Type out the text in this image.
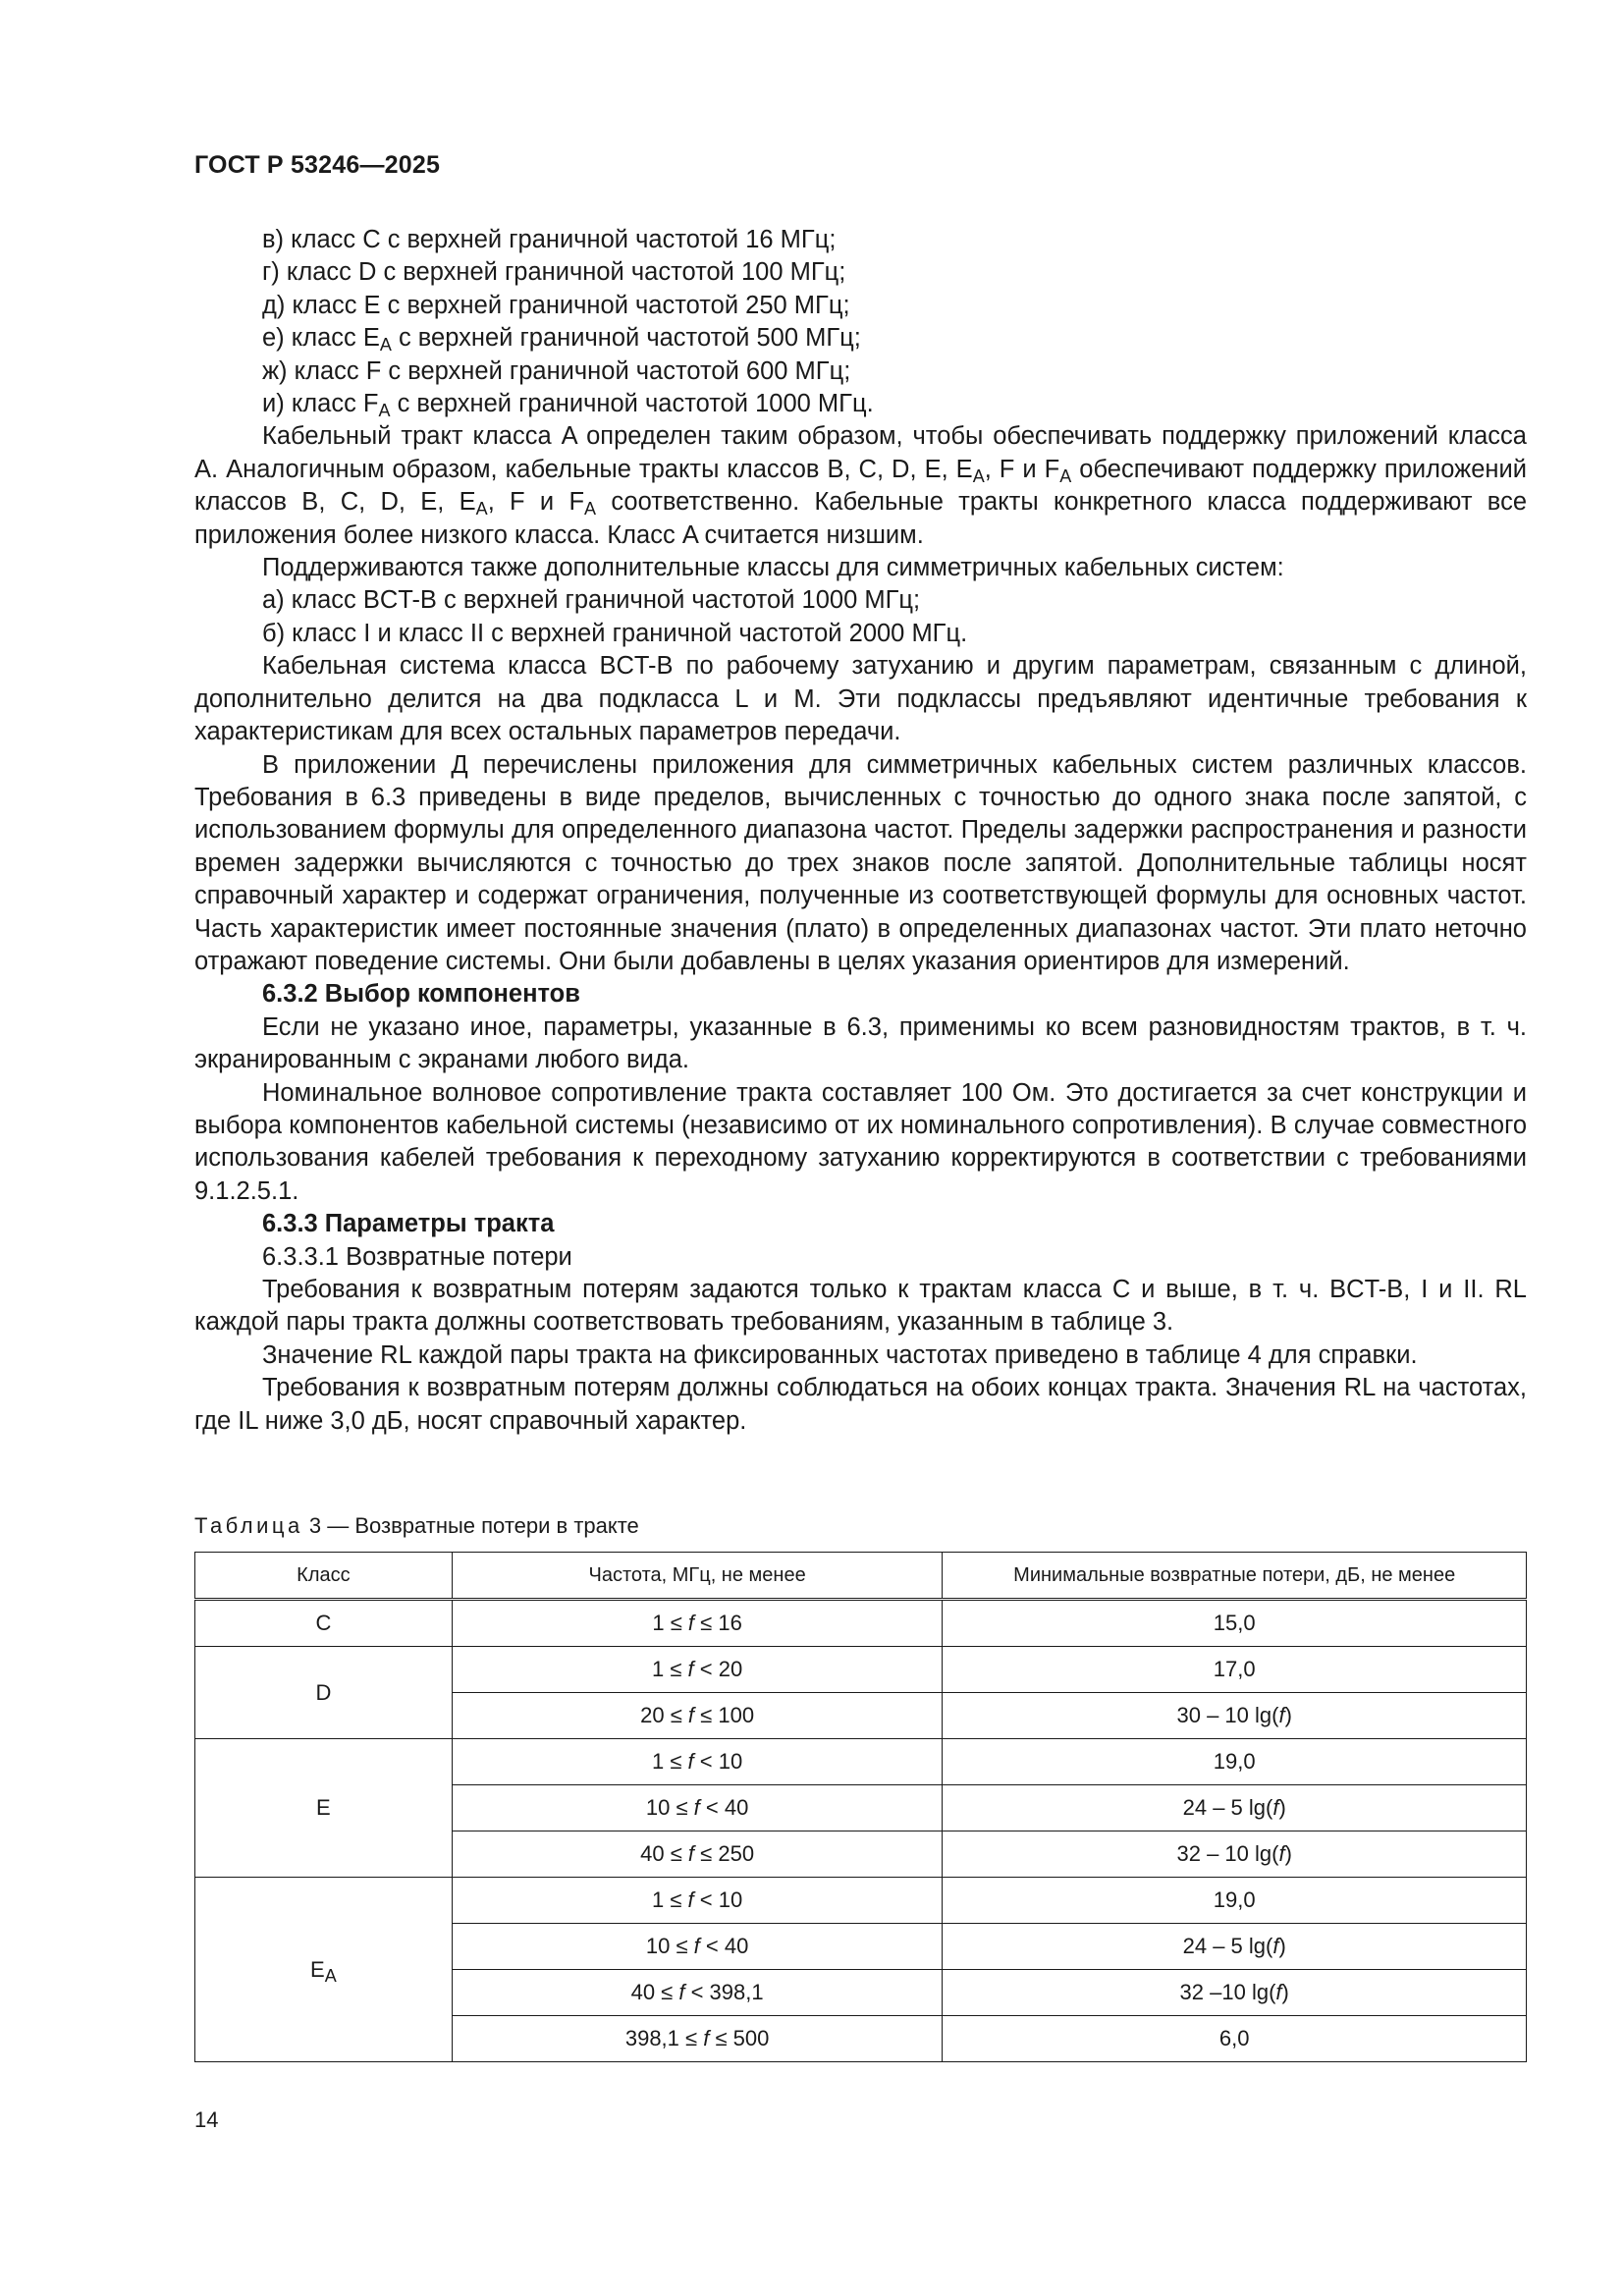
ГОСТ Р 53246—2025

в) класс C с верхней граничной частотой 16 МГц;

г) класс D с верхней граничной частотой 100 МГц;

д) класс E с верхней граничной частотой 250 МГц;

е) класс $E_A$ с верхней граничной частотой 500 МГц;

ж) класс F с верхней граничной частотой 600 МГц;

и) класс $F_A$ с верхней граничной частотой 1000 МГц.

Кабельный тракт класса A определен таким образом, чтобы обеспечивать поддержку приложений класса A. Аналогичным образом, кабельные тракты классов B, C, D, E, $E_A$, F и $F_A$ обеспечивают поддержку приложений классов B, C, D, E, $E_A$, F и $F_A$ соответственно. Кабельные тракты конкретного класса поддерживают все приложения более низкого класса. Класс A считается низшим.

Поддерживаются также дополнительные классы для симметричных кабельных систем:

а) класс BCT-B с верхней граничной частотой 1000 МГц;

б) класс I и класс II с верхней граничной частотой 2000 МГц.

Кабельная система класса BCT-B по рабочему затуханию и другим параметрам, связанным с длиной, дополнительно делится на два подкласса L и M. Эти подклассы предъявляют идентичные требования к характеристикам для всех остальных параметров передачи.

В приложении Д перечислены приложения для симметричных кабельных систем различных классов. Требования в 6.3 приведены в виде пределов, вычисленных с точностью до одного знака после запятой, с использованием формулы для определенного диапазона частот. Пределы задержки распространения и разности времен задержки вычисляются с точностью до трех знаков после запятой. Дополнительные таблицы носят справочный характер и содержат ограничения, полученные из соответствующей формулы для основных частот. Часть характеристик имеет постоянные значения (плато) в определенных диапазонах частот. Эти плато неточно отражают поведение системы. Они были добавлены в целях указания ориентиров для измерений.

6.3.2 Выбор компонентов

Если не указано иное, параметры, указанные в 6.3, применимы ко всем разновидностям трактов, в т. ч. экранированным с экранами любого вида.

Номинальное волновое сопротивление тракта составляет 100 Ом. Это достигается за счет конструкции и выбора компонентов кабельной системы (независимо от их номинального сопротивления). В случае совместного использования кабелей требования к переходному затуханию корректируются в соответствии с требованиями 9.1.2.5.1.

6.3.3 Параметры тракта

6.3.3.1 Возвратные потери

Требования к возвратным потерям задаются только к трактам класса C и выше, в т. ч. BCT-B, I и II. RL каждой пары тракта должны соответствовать требованиям, указанным в таблице 3.

Значение RL каждой пары тракта на фиксированных частотах приведено в таблице 4 для справки.

Требования к возвратным потерям должны соблюдаться на обоих концах тракта. Значения RL на частотах, где IL ниже 3,0 дБ, носят справочный характер.

Таблица 3 — Возвратные потери в тракте
Класс	Частота, МГц, не менее	Минимальные возвратные потери, дБ, не менее
C	1 ≤ f ≤ 16	15,0
D	1 ≤ f < 20	17,0
	20 ≤ f ≤ 100	30 – 10 lg(f)
E	1 ≤ f < 10	19,0
	10 ≤ f < 40	24 – 5 lg(f)
	40 ≤ f ≤ 250	32 – 10 lg(f)
$E_A$	1 ≤ f < 10	19,0
	10 ≤ f < 40	24 – 5 lg(f)
	40 ≤ f < 398,1	32 –10 lg(f)
	398,1 ≤ f ≤ 500	6,0
14
